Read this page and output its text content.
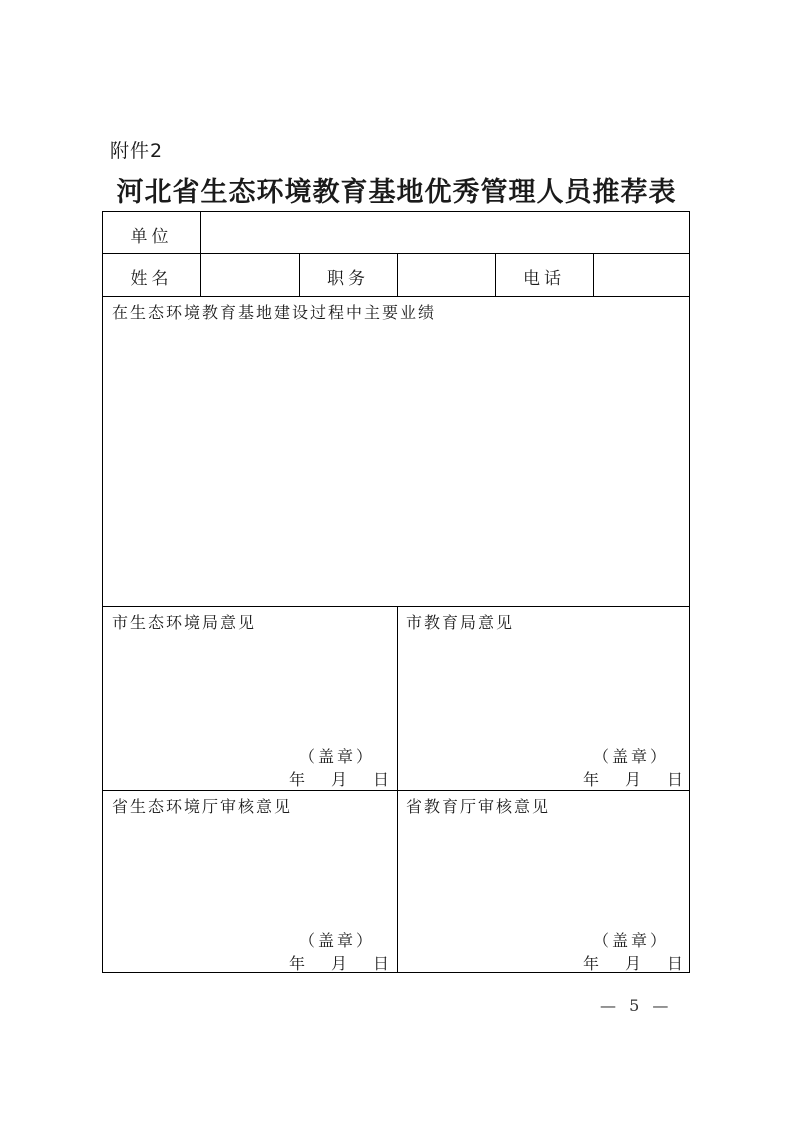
附件2
河北省生态环境教育基地优秀管理人员推荐表
单位
姓名	职务	电话
在生态环境教育基地建设过程中主要业绩
市生态环境局意见
（盖章）
年 月 日
市教育局意见
（盖章）
年 月 日
省生态环境厅审核意见
（盖章）
年 月 日
省教育厅审核意见
（盖章）
年 月 日
— 5 —
